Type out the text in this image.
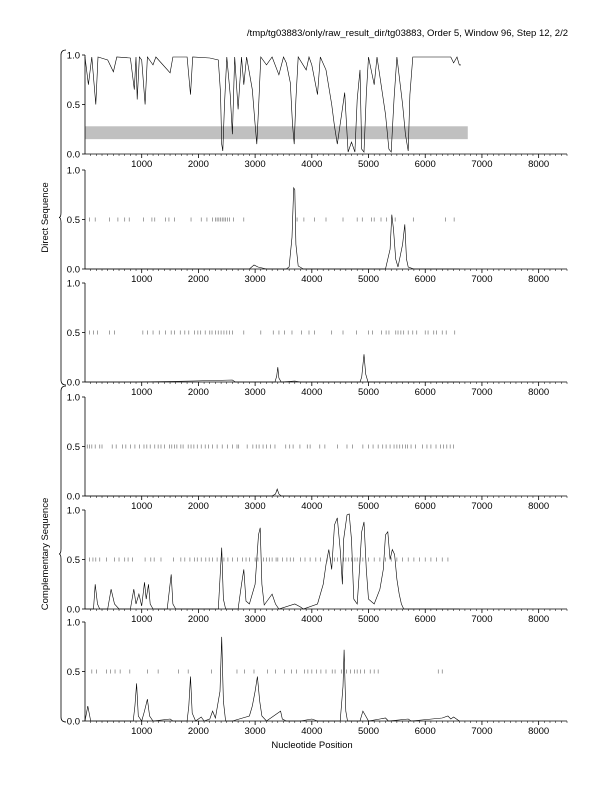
/tmp/tg03883/only/raw_result_dir/tg03883, Order 5, Window 96, Step 12, 2/2
0.0
0.5
1.0
1000	2000	3000	4000	5000	6000	7000	8000
0.0
0.5
1.0
1000	2000	3000	4000	5000	6000	7000	8000
0.0
0.5
1.0
1000	2000	3000	4000	5000	6000	7000	8000
0.0
0.5
1.0
1000	2000	3000	4000	5000	6000	7000	8000
0.0
0.5
1.0
1000	2000	3000	4000	5000	6000	7000	8000
0.0
0.5
1.0
1000	2000	3000	4000	5000	6000	7000	8000
Nucleotide Position
Direct Sequence
Complementary Sequence
